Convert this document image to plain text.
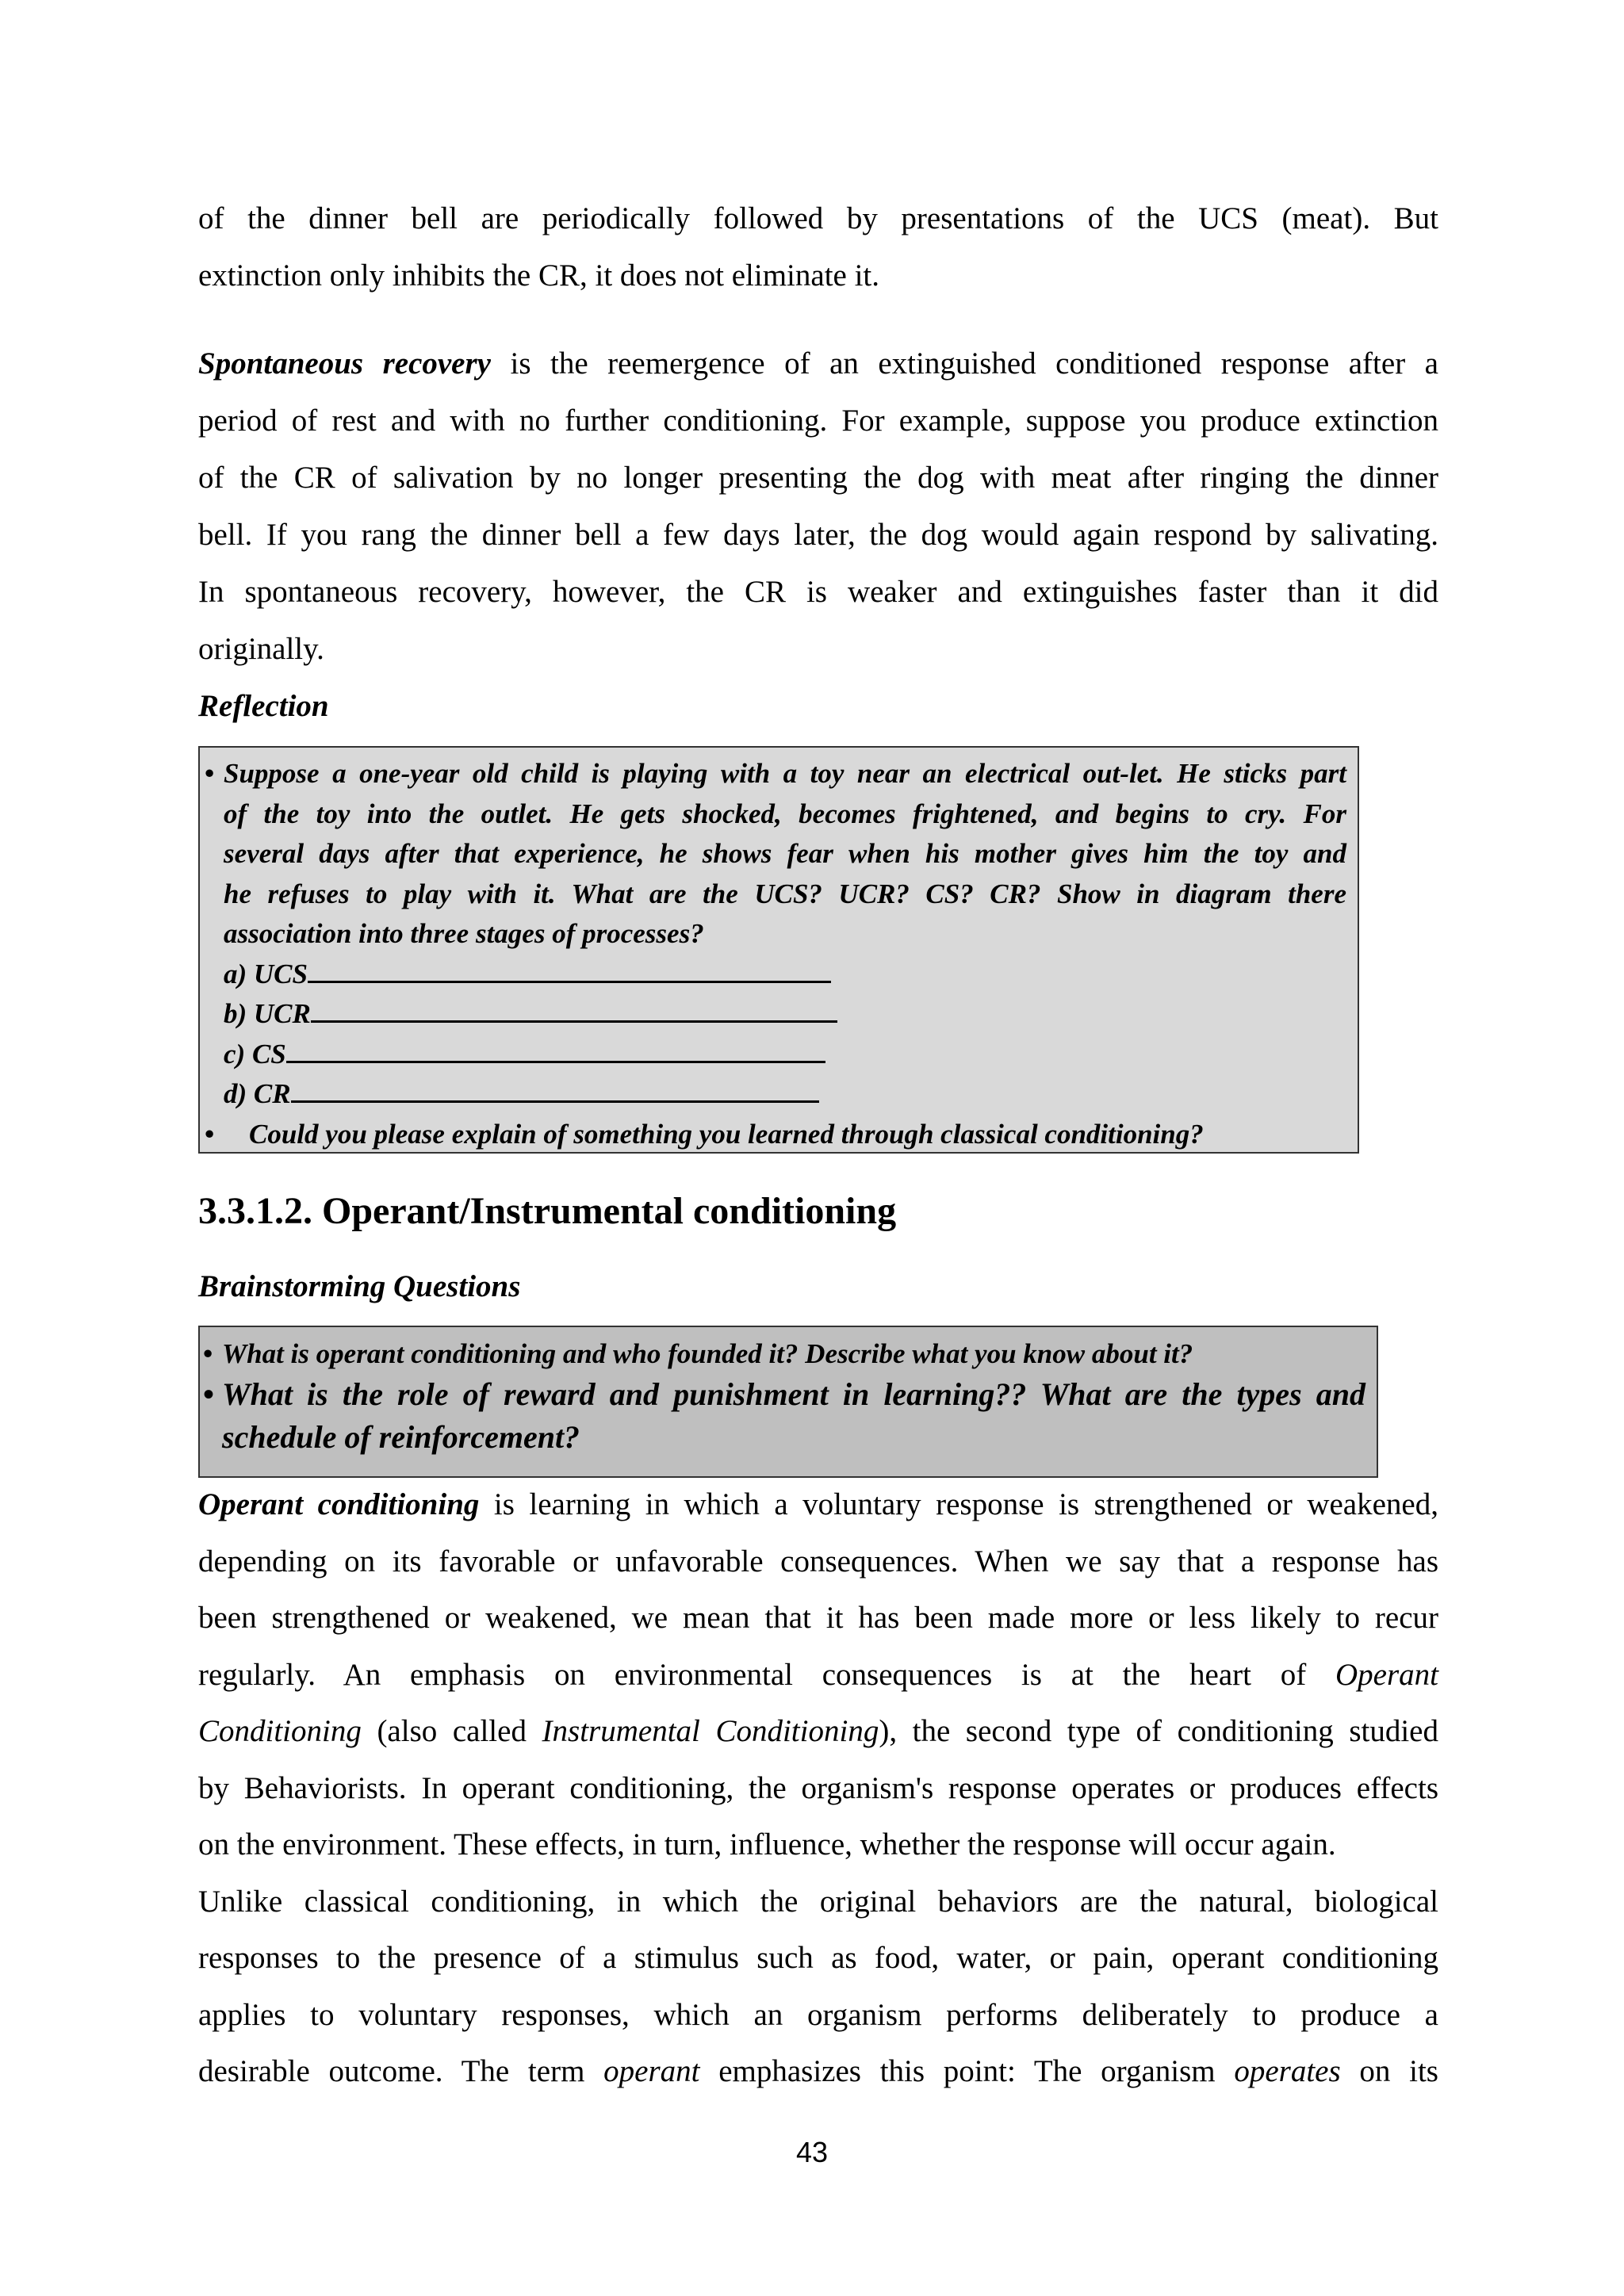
of the dinner bell are periodically followed by presentations of the UCS (meat). But
extinction only inhibits the CR, it does not eliminate it.
Spontaneous recovery is the reemergence of an extinguished conditioned response after a
period of rest and with no further conditioning. For example, suppose you produce extinction
of the CR of salivation by no longer presenting the dog with meat after ringing the dinner
bell. If you rang the dinner bell a few days later, the dog would again respond by salivating.
In spontaneous recovery, however, the CR is weaker and extinguishes faster than it did
originally.

Reflection

• Suppose a one-year old child is playing with a toy near an electrical out-let. He sticks part
of the toy into the outlet. He gets shocked, becomes frightened, and begins to cry. For
several days after that experience, he shows fear when his mother gives him the toy and
he refuses to play with it. What are the UCS? UCR? CS? CR? Show in diagram there
association into three stages of processes?
a) UCS
b) UCR
c) CS
d) CR
• Could you please explain of something you learned through classical conditioning?
3.3.1.2. Operant/Instrumental conditioning

Brainstorming Questions

• What is operant conditioning and who founded it? Describe what you know about it?
• What is the role of reward and punishment in learning?? What are the types and
schedule of reinforcement?
Operant conditioning is learning in which a voluntary response is strengthened or weakened,
depending on its favorable or unfavorable consequences. When we say that a response has
been strengthened or weakened, we mean that it has been made more or less likely to recur
regularly. An emphasis on environmental consequences is at the heart of Operant
Conditioning (also called Instrumental Conditioning), the second type of conditioning studied
by Behaviorists. In operant conditioning, the organism's response operates or produces effects
on the environment. These effects, in turn, influence, whether the response will occur again.
Unlike classical conditioning, in which the original behaviors are the natural, biological
responses to the presence of a stimulus such as food, water, or pain, operant conditioning
applies to voluntary responses, which an organism performs deliberately to produce a
desirable outcome. The term operant emphasizes this point: The organism operates on its

43
